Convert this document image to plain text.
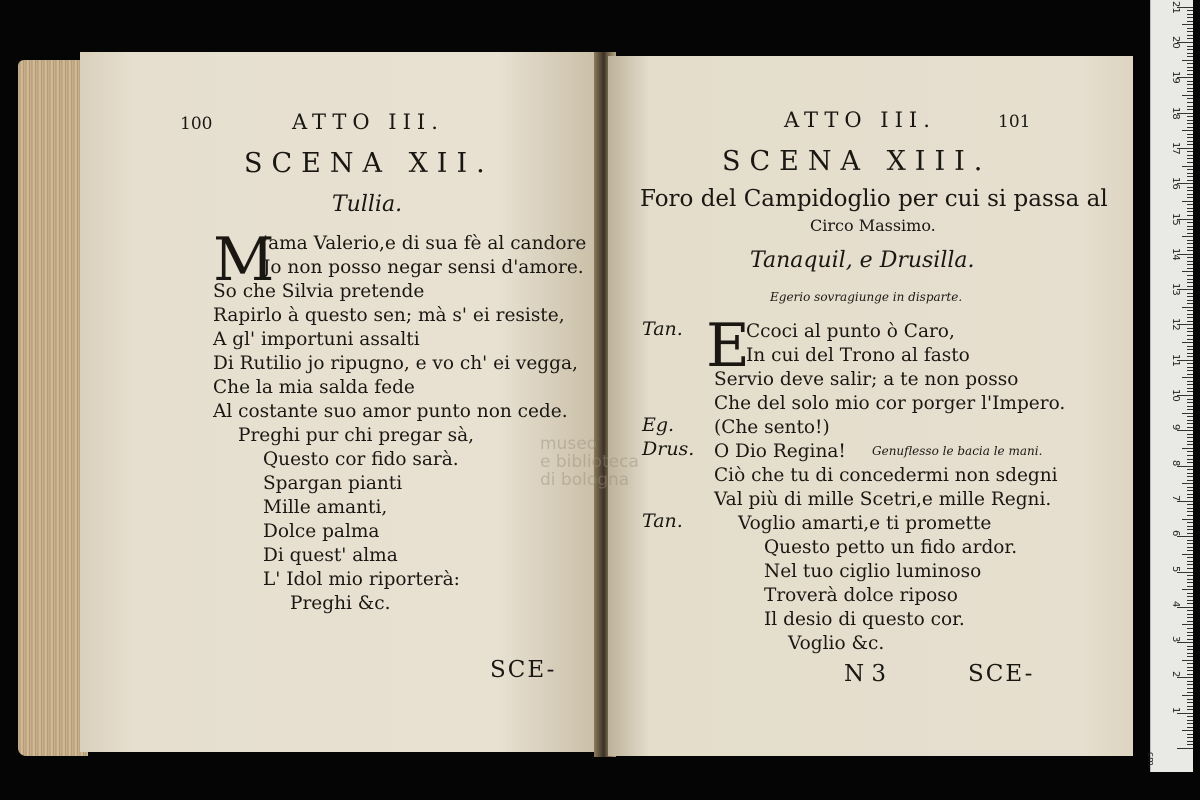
100	ATTO III.
SCENA XII.
Tullia.
M
'ama Valerio,e di sua fè al candore
Jo non posso negar sensi d'amore.
So che Silvia pretende
Rapirlo à questo sen; mà s' ei resiste,
A gl' importuni assalti
Di Rutilio jo ripugno, e vo ch' ei vegga,
Che la mia salda fede
Al costante suo amor punto non cede.
Preghi pur chi pregar sà,
Questo cor fido sarà.
Spargan pianti
Mille amanti,
Dolce palma
Di quest' alma
L' Idol mio riporterà:
Preghi &c.
SCE-
ATTO III.	101
SCENA XIII.
Foro del Campidoglio per cui si passa al
Circo Massimo.
Tanaquil, e Drusilla.
Egerio sovragiunge in disparte.
Tan. E
Ccoci al punto ò Caro,
In cui del Trono al fasto
Servio deve salir; a te non posso
Che del solo mio cor porger l'Impero.
Eg. (Che sento!)
Drus. O Dio Regina! Genuflesso le bacia le mani.
Ciò che tu di concedermi non sdegni
Val più di mille Scetri,e mille Regni.
Tan.	Voglio amarti,e ti promette
Questo petto un fido ardor.
Nel tuo ciglio luminoso
Troverà dolce riposo
Il desio di questo cor.
Voglio &c.
N 3	SCE-
museo
e biblioteca
di bologna
cm
1
2
3
4
5
6
7
8
9
10
11
12
13
14
15
16
17
18
19
20
21
